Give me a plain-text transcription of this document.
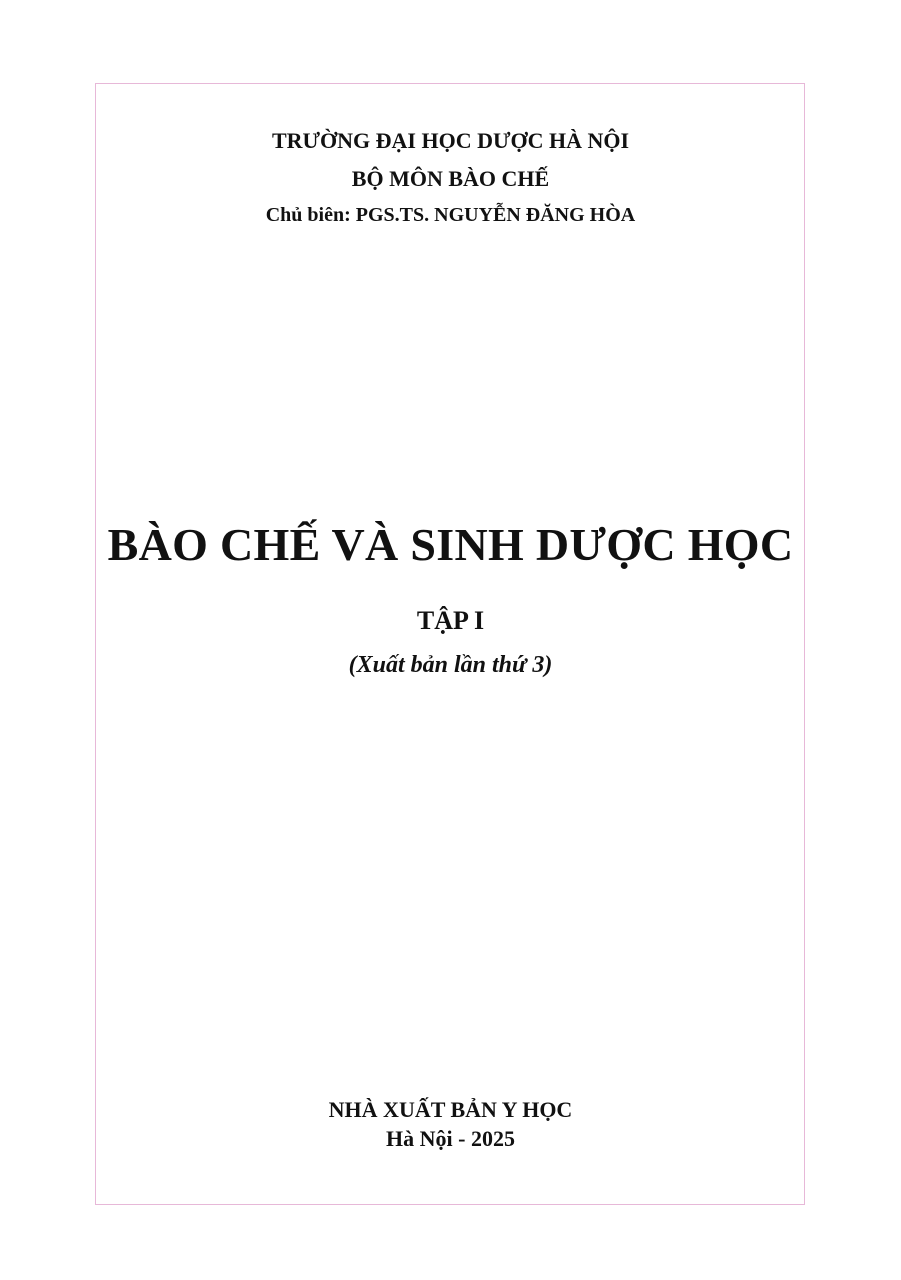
TRƯỜNG ĐẠI HỌC DƯỢC HÀ NỘI
BỘ MÔN BÀO CHẾ
Chủ biên: PGS.TS. NGUYỄN ĐĂNG HÒA
BÀO CHẾ VÀ SINH DƯỢC HỌC
TẬP I
(Xuất bản lần thứ 3)
NHÀ XUẤT BẢN Y HỌC
Hà Nội - 2025
